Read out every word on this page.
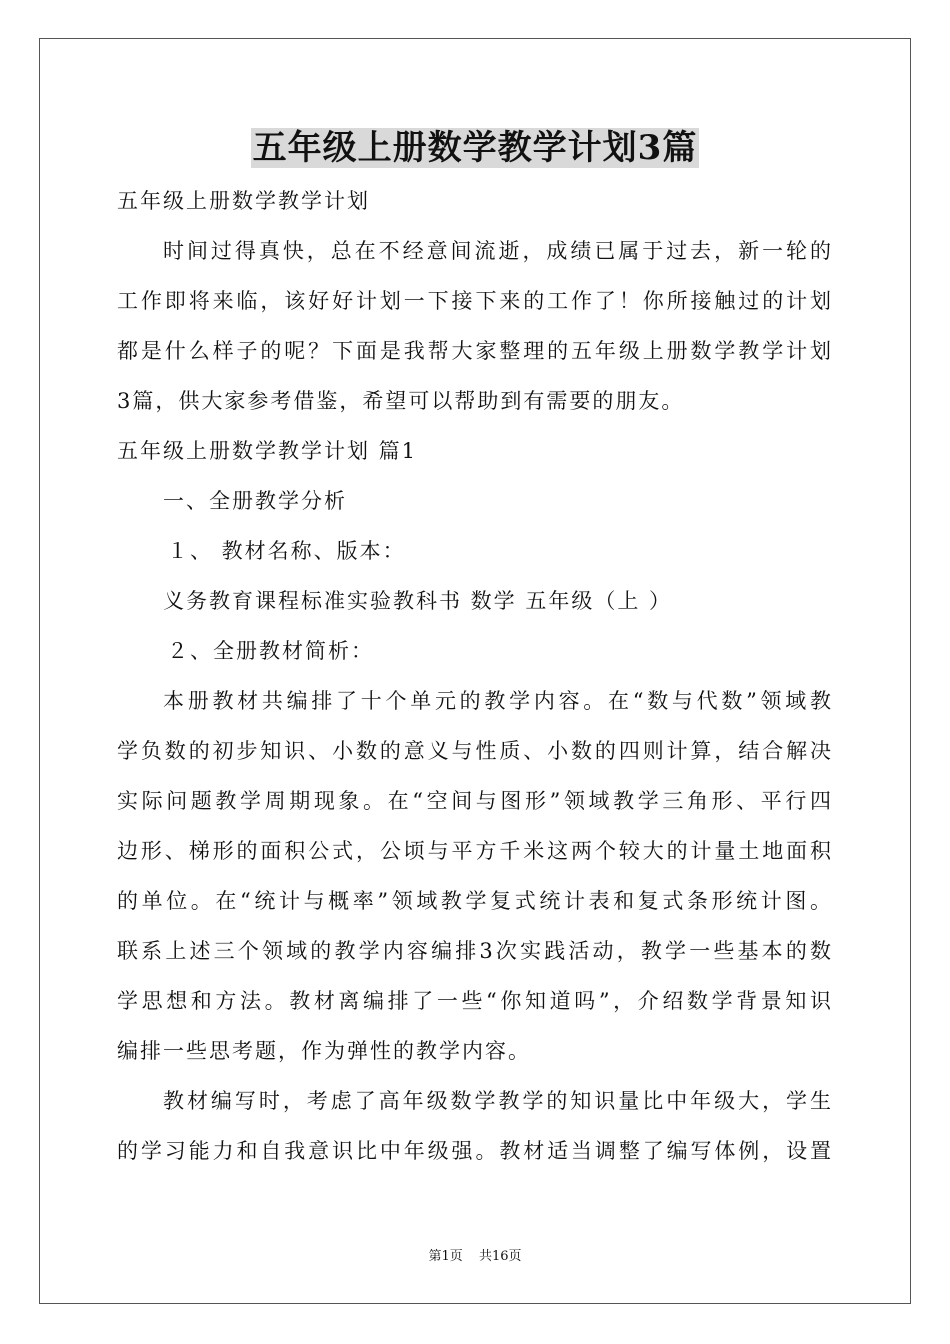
五年级上册数学教学计划3篇
五年级上册数学教学计划
时间过得真快，总在不经意间流逝，成绩已属于过去，新一轮的
工作即将来临，该好好计划一下接下来的工作了！你所接触过的计划
都是什么样子的呢？下面是我帮大家整理的五年级上册数学教学计划
3篇，供大家参考借鉴，希望可以帮助到有需要的朋友。
五年级上册数学教学计划 篇1
一、全册教学分析
１、 教材名称、版本：
义务教育课程标准实验教科书 数学 五年级（上 ）
２、全册教材简析：
本册教材共编排了十个单元的教学内容。在“数与代数”领域教
学负数的初步知识、小数的意义与性质、小数的四则计算，结合解决
实际问题教学周期现象。在“空间与图形”领域教学三角形、平行四
边形、梯形的面积公式，公顷与平方千米这两个较大的计量土地面积
的单位。在“统计与概率”领域教学复式统计表和复式条形统计图。
联系上述三个领域的教学内容编排3次实践活动，教学一些基本的数
学思想和方法。教材离编排了一些“你知道吗”，介绍数学背景知识
编排一些思考题，作为弹性的教学内容。
教材编写时，考虑了高年级数学教学的知识量比中年级大，学生
的学习能力和自我意识比中年级强。教材适当调整了编写体例，设置
第1页 共16页
